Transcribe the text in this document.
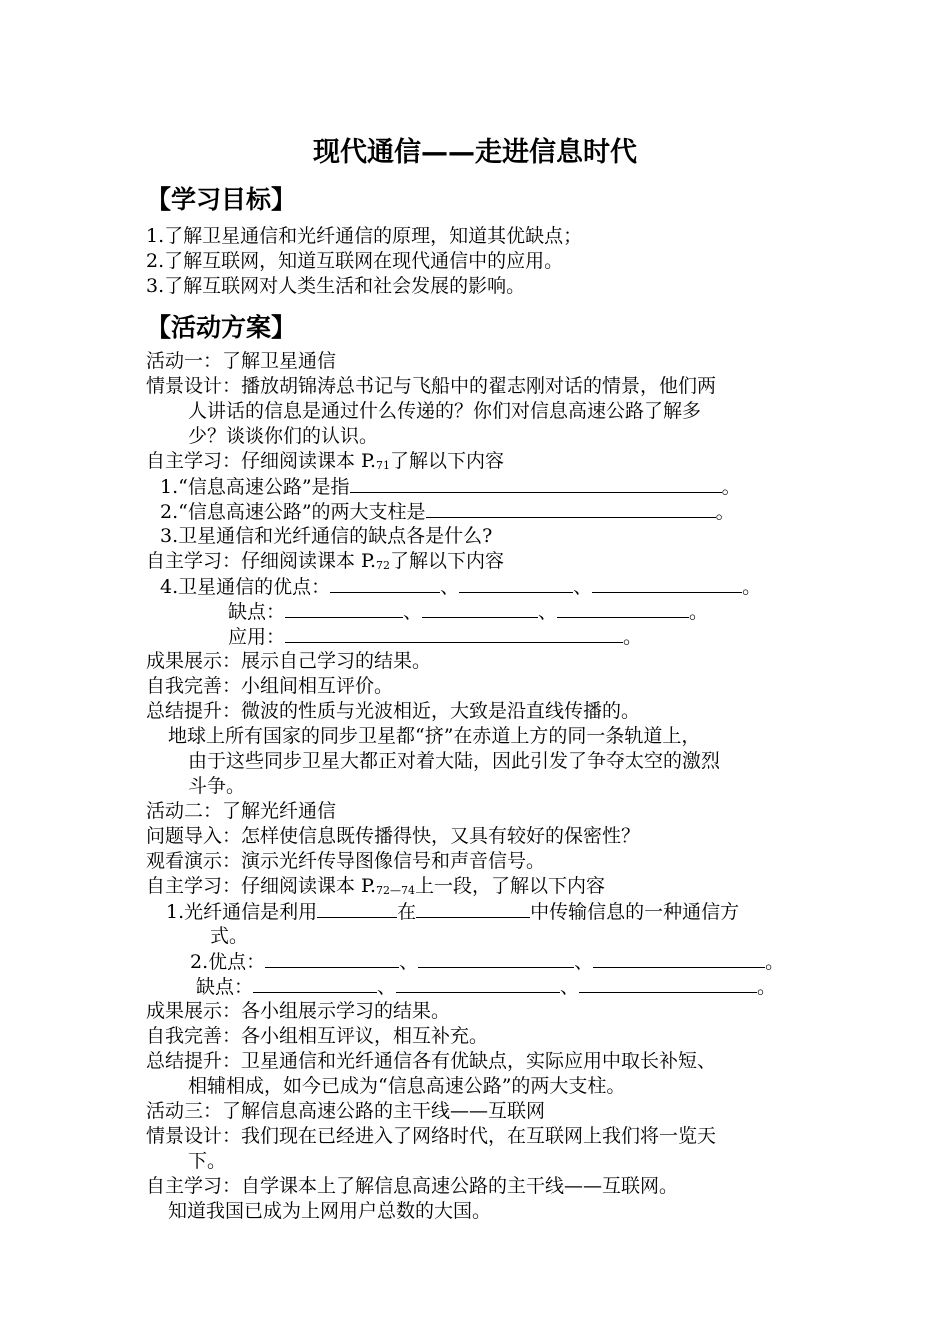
现代通信——走进信息时代
【学习目标】
1.了解卫星通信和光纤通信的原理，知道其优缺点；
2.了解互联网，知道互联网在现代通信中的应用。
3.了解互联网对人类生活和社会发展的影响。
【活动方案】
活动一：了解卫星通信
情景设计：播放胡锦涛总书记与飞船中的翟志刚对话的情景，他们两
人讲话的信息是通过什么传递的？你们对信息高速公路了解多
少？谈谈你们的认识。
自主学习：仔细阅读课本 $P._{71}$了解以下内容
1.“信息高速公路”是指	。
2.“信息高速公路”的两大支柱是	。
3.卫星通信和光纤通信的缺点各是什么?
自主学习：仔细阅读课本 $P._{72}$了解以下内容
4.卫星通信的优点：	、	、	。
缺点：	、	、	。
应用：	。
成果展示：展示自己学习的结果。
自我完善：小组间相互评价。
总结提升：微波的性质与光波相近，大致是沿直线传播的。
地球上所有国家的同步卫星都“挤”在赤道上方的同一条轨道上，
由于这些同步卫星大都正对着大陆，因此引发了争夺太空的激烈
斗争。
活动二：了解光纤通信
问题导入：怎样使信息既传播得快，又具有较好的保密性？
观看演示：演示光纤传导图像信号和声音信号。
自主学习：仔细阅读课本 $P._{72—74}$上一段，了解以下内容
1.光纤通信是利用	在	中传输信息的一种通信方
式。
2.优点：	、	、	。
缺点：	、	、	。
成果展示：各小组展示学习的结果。
自我完善：各小组相互评议，相互补充。
总结提升：卫星通信和光纤通信各有优缺点，实际应用中取长补短、
相辅相成，如今已成为“信息高速公路”的两大支柱。
活动三：了解信息高速公路的主干线——互联网
情景设计：我们现在已经进入了网络时代，在互联网上我们将一览天
下。
自主学习：自学课本上了解信息高速公路的主干线——互联网。
知道我国已成为上网用户总数的大国。
